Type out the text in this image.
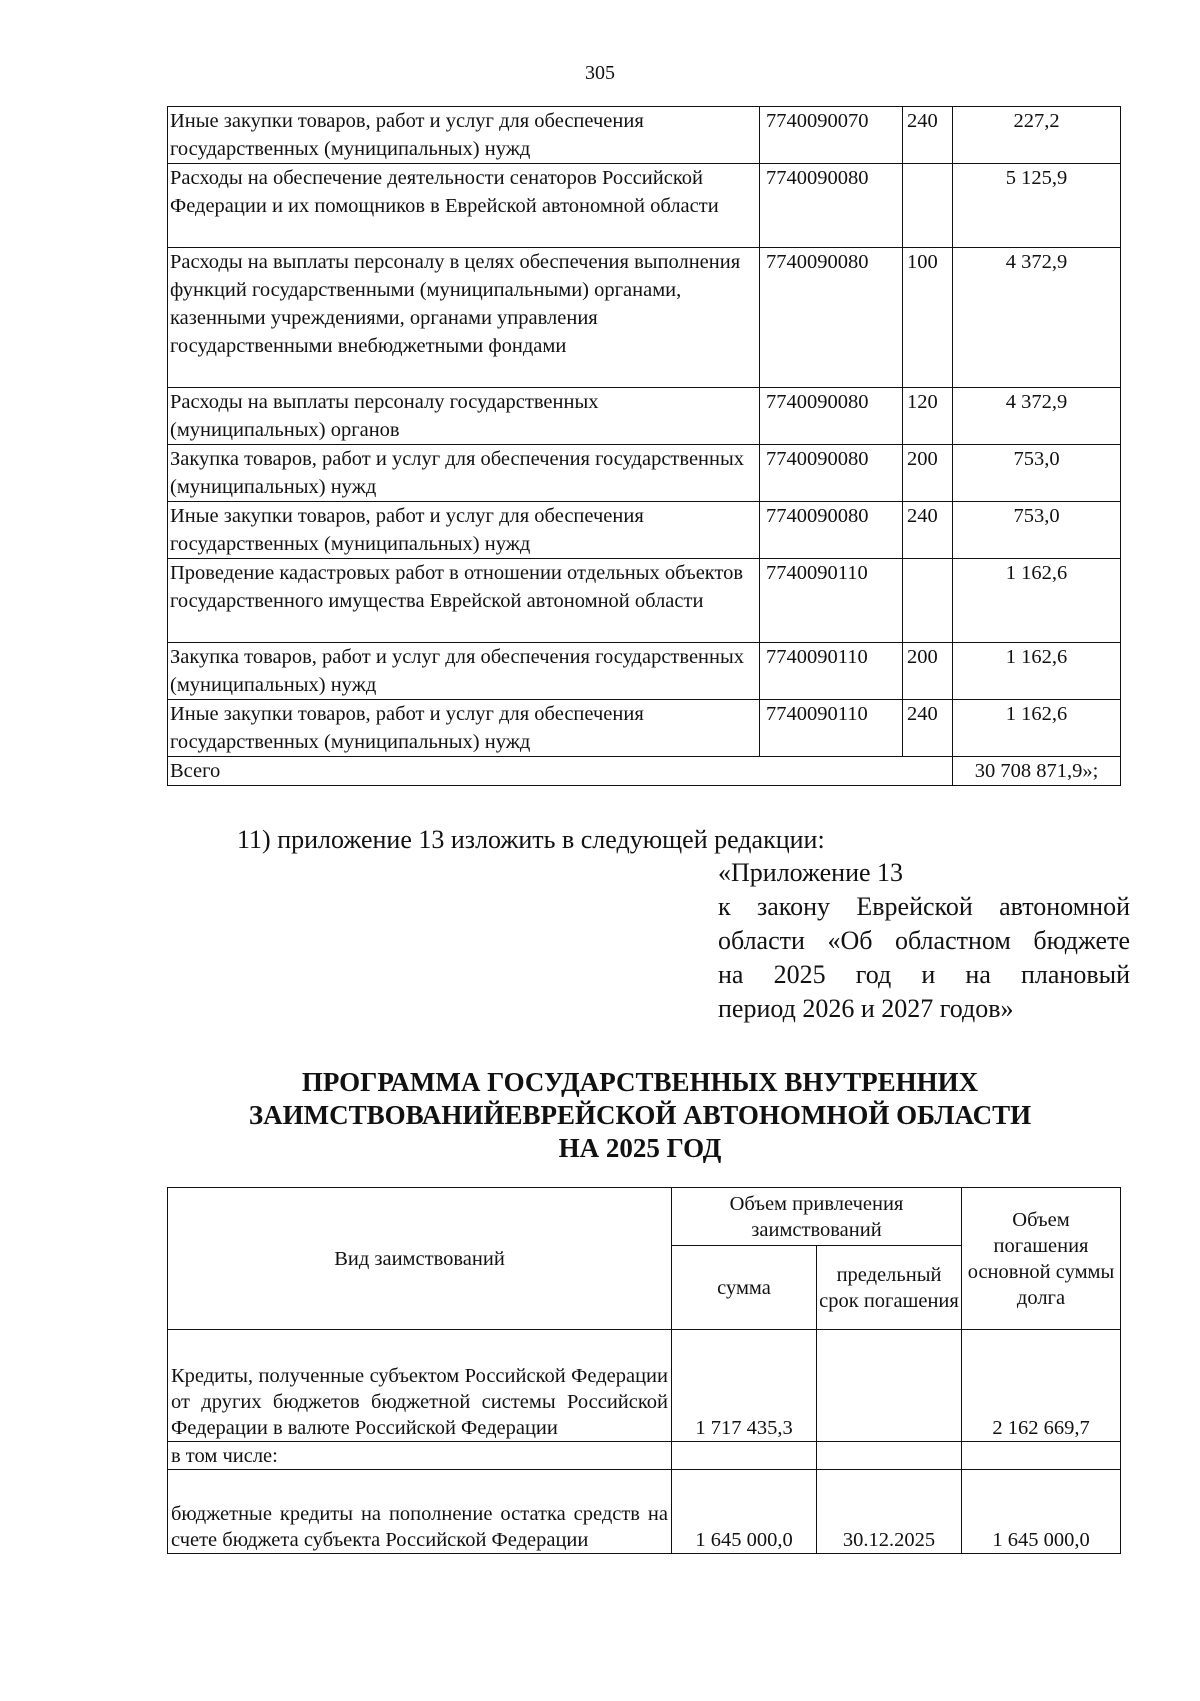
305
Иные закупки товаров, работ и услуг для обеспечения государственных (муниципальных) нужд	7740090070	240	227,2
Расходы на обеспечение деятельности сенаторов Российской Федерации и их помощников в Еврейской автономной области	7740090080		5 125,9
Расходы на выплаты персоналу в целях обеспечения выполнения функций государственными (муниципальными) органами, казенными учреждениями, органами управления государственными внебюджетными фондами	7740090080	100	4 372,9
Расходы на выплаты персоналу государственных (муниципальных) органов	7740090080	120	4 372,9
Закупка товаров, работ и услуг для обеспечения государственных (муниципальных) нужд	7740090080	200	753,0
Иные закупки товаров, работ и услуг для обеспечения государственных (муниципальных) нужд	7740090080	240	753,0
Проведение кадастровых работ в отношении отдельных объектов государственного имущества Еврейской автономной области	7740090110		1 162,6
Закупка товаров, работ и услуг для обеспечения государственных (муниципальных) нужд	7740090110	200	1 162,6
Иные закупки товаров, работ и услуг для обеспечения государственных (муниципальных) нужд	7740090110	240	1 162,6
Всего			30 708 871,9»;
11) приложение 13 изложить в следующей редакции:
«Приложение 13
к закону Еврейской автономной
области «Об областном бюджете
на 2025 год и на плановый
период 2026 и 2027 годов»
ПРОГРАММА ГОСУДАРСТВЕННЫХ ВНУТРЕННИХ
ЗАИМСТВОВАНИЙЕВРЕЙСКОЙ АВТОНОМНОЙ ОБЛАСТИ
НА 2025 ГОД
Вид заимствований	Объем привлечения заимствований		Объем погашения основной суммы долга
	сумма	предельный срок погашения	
Кредиты, полученные субъектом Российской Федерации от других бюджетов бюджетной системы Российской Федерации в валюте Российской Федерации	1 717 435,3		2 162 669,7
в том числе:			
бюджетные кредиты на пополнение остатка средств на счете бюджета субъекта Российской Федерации	1 645 000,0	30.12.2025	1 645 000,0
